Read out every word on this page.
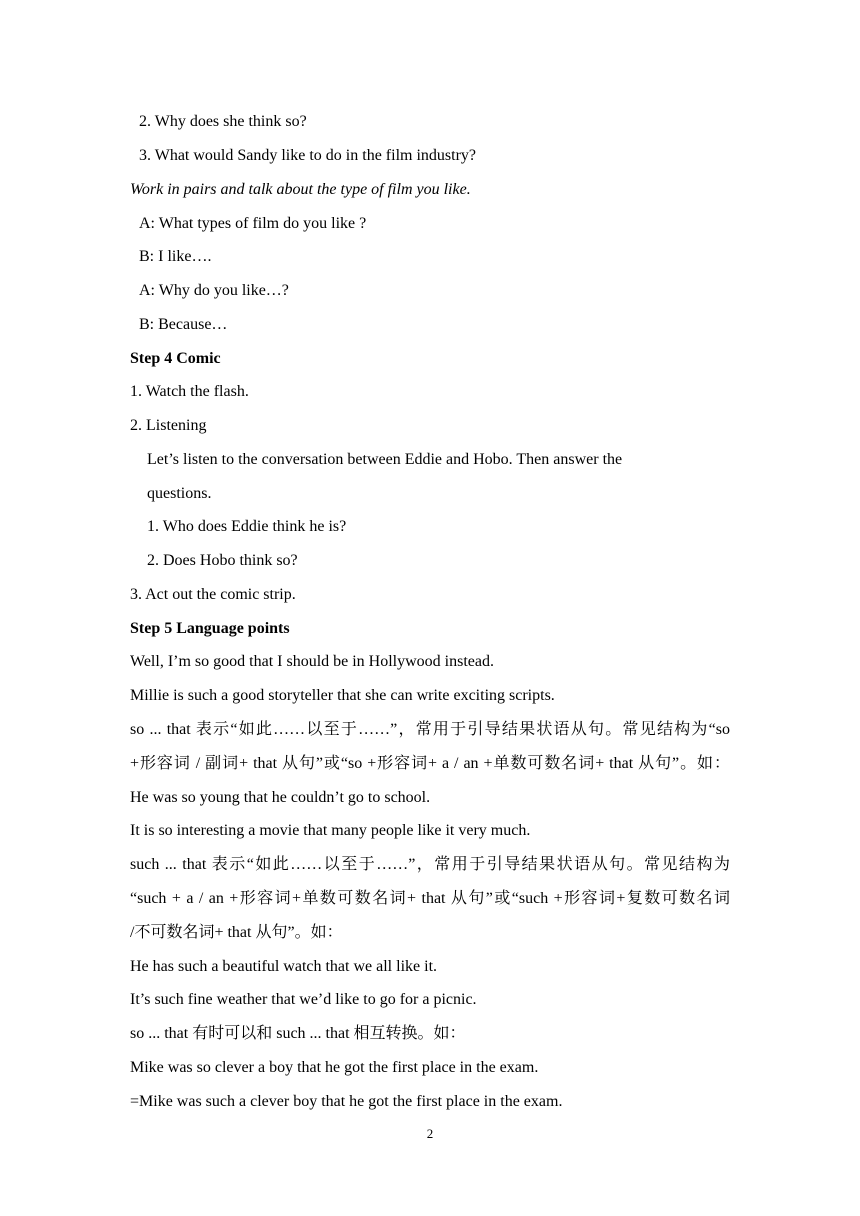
2. Why does she think so?
3. What would Sandy like to do in the film industry?
Work in pairs and talk about the type of film you like.
A: What types of film do you like ?
B: I like….
A: Why do you like…?
B: Because…
Step 4 Comic
1. Watch the flash.
2. Listening
Let’s listen to the conversation between Eddie and Hobo. Then answer the
questions.
1. Who does Eddie think he is?
2. Does Hobo think so?
3. Act out the comic strip.
Step 5 Language points
Well, I’m so good that I should be in Hollywood instead.
Millie is such a good storyteller that she can write exciting scripts.
so ... that 表示“如此……以至于……”，常用于引导结果状语从句。常见结构为“so
+形容词 / 副词+ that 从句”或“so +形容词+ a / an +单数可数名词+ that 从句”。如：
He was so young that he couldn’t go to school.
It is so interesting a movie that many people like it very much.
such ... that 表示“如此……以至于……”，常用于引导结果状语从句。常见结构为
“such + a / an +形容词+单数可数名词+ that 从句”或“such +形容词+复数可数名词
/不可数名词+ that 从句”。如：
He has such a beautiful watch that we all like it.
It’s such fine weather that we’d like to go for a picnic.
so ... that 有时可以和 such ... that 相互转换。如：
Mike was so clever a boy that he got the first place in the exam.
=Mike was such a clever boy that he got the first place in the exam.
2
